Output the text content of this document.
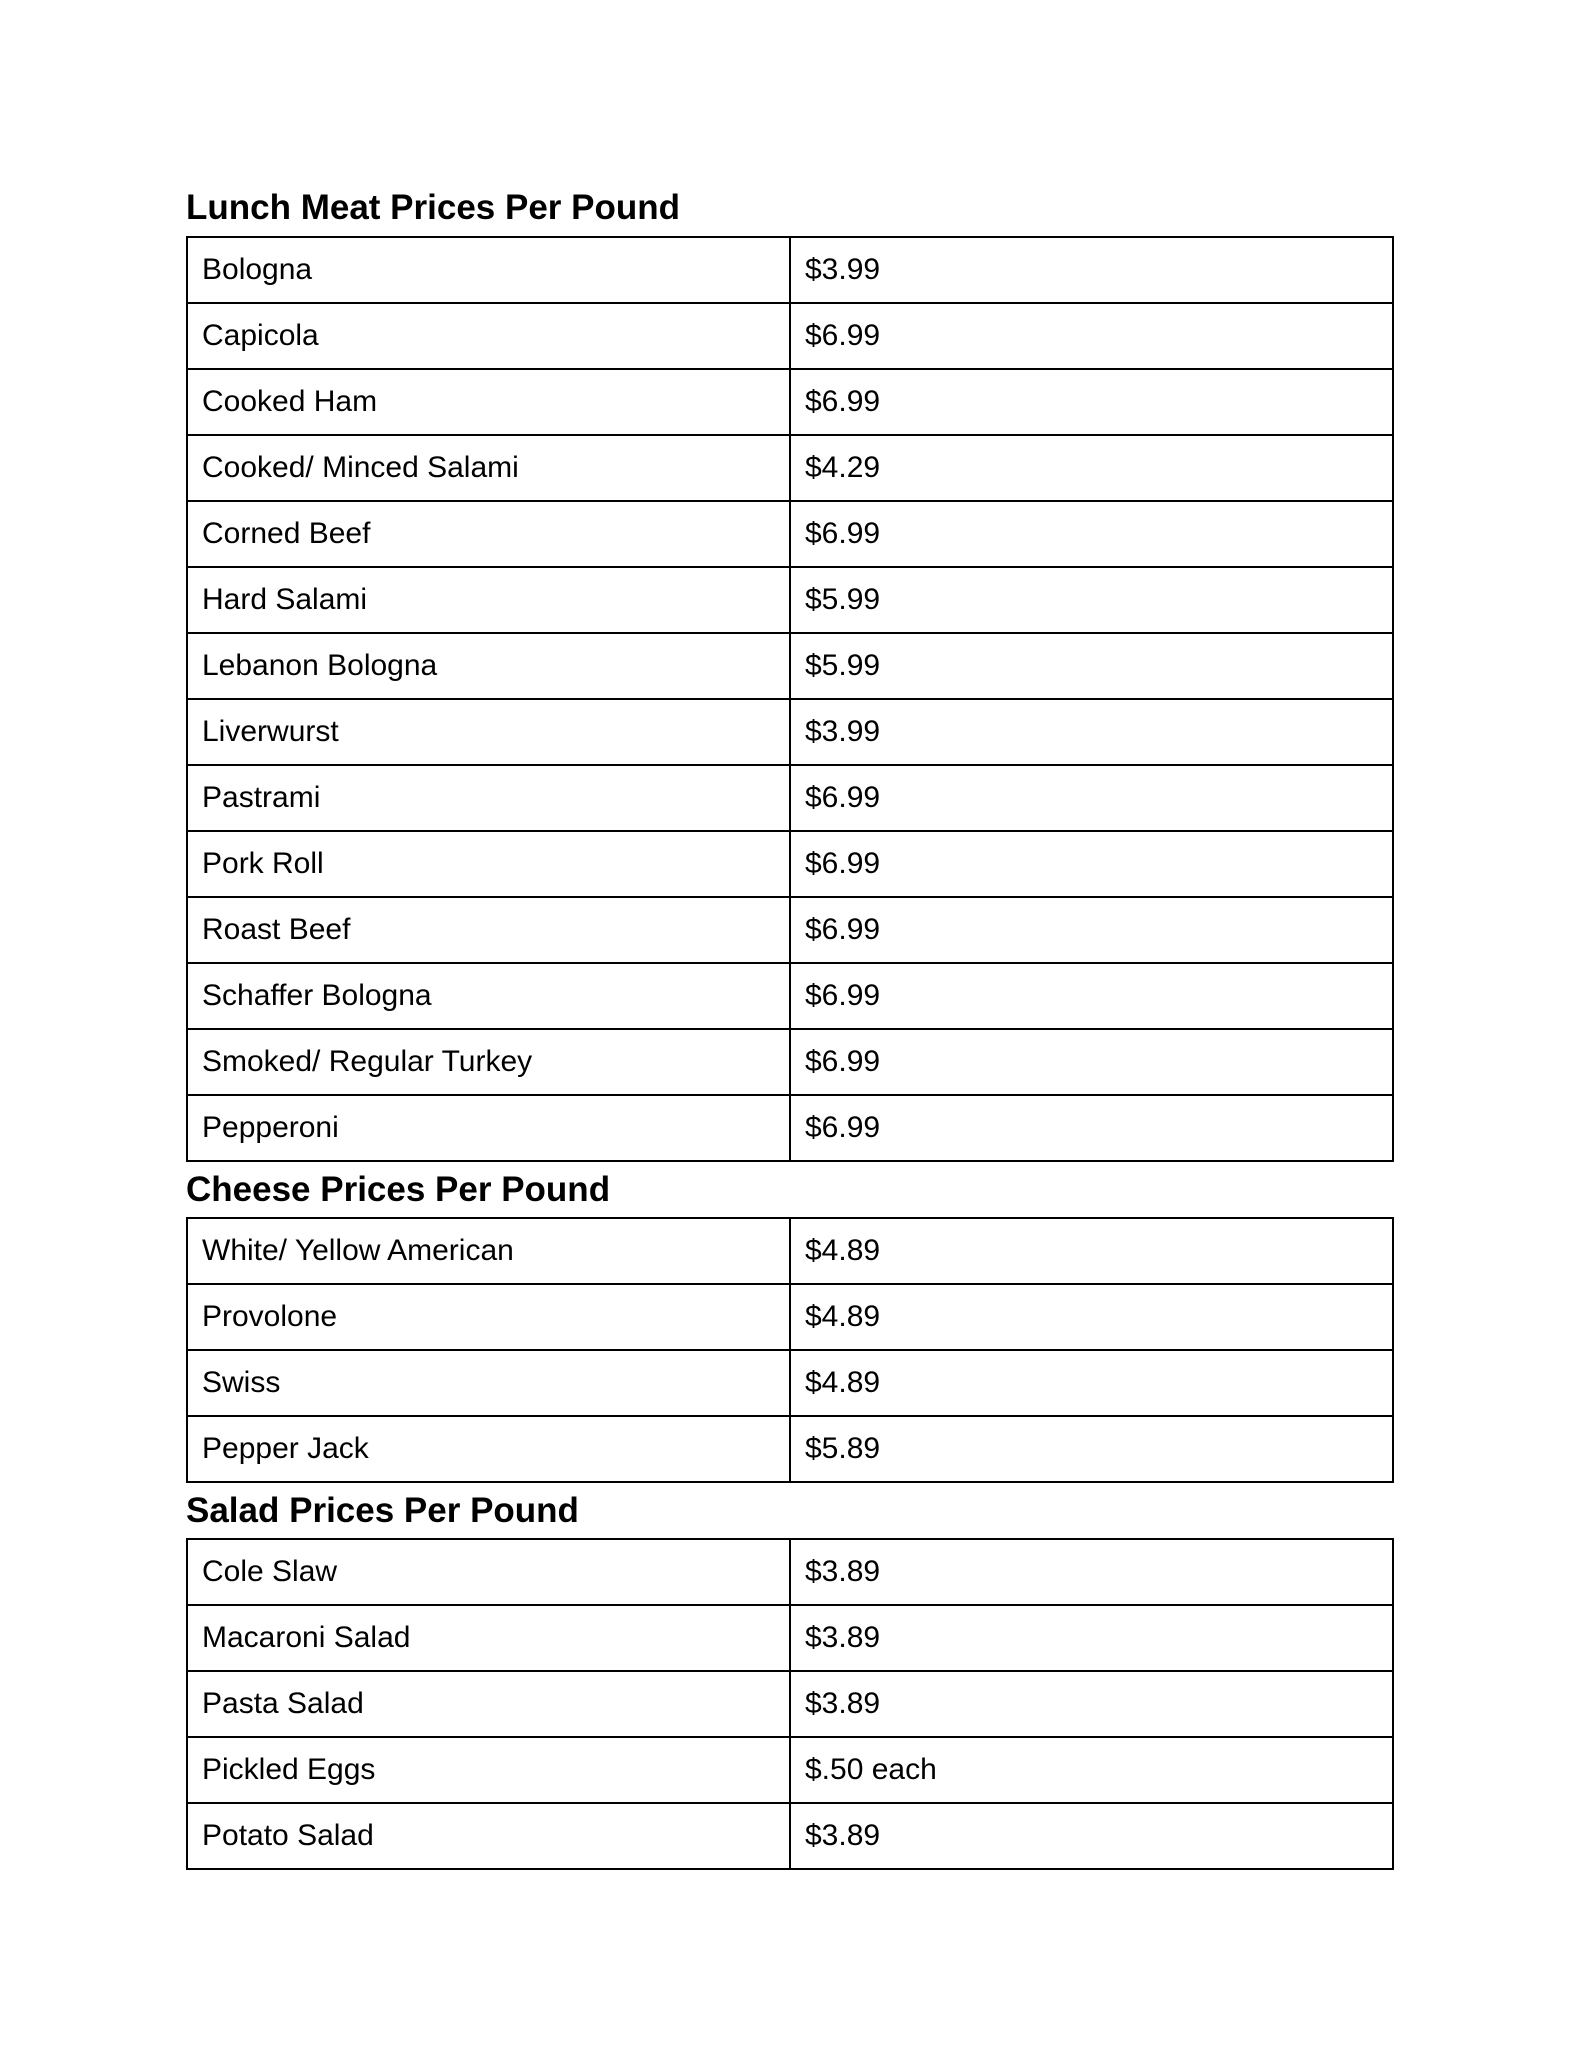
Lunch Meat Prices Per Pound
Bologna	$3.99
Capicola	$6.99
Cooked Ham	$6.99
Cooked/ Minced Salami	$4.29
Corned Beef	$6.99
Hard Salami	$5.99
Lebanon Bologna	$5.99
Liverwurst	$3.99
Pastrami	$6.99
Pork Roll	$6.99
Roast Beef	$6.99
Schaffer Bologna	$6.99
Smoked/ Regular Turkey	$6.99
Pepperoni	$6.99
Cheese Prices Per Pound
White/ Yellow American	$4.89
Provolone	$4.89
Swiss	$4.89
Pepper Jack	$5.89
Salad Prices Per Pound
Cole Slaw	$3.89
Macaroni Salad	$3.89
Pasta Salad	$3.89
Pickled Eggs	$.50 each
Potato Salad	$3.89
